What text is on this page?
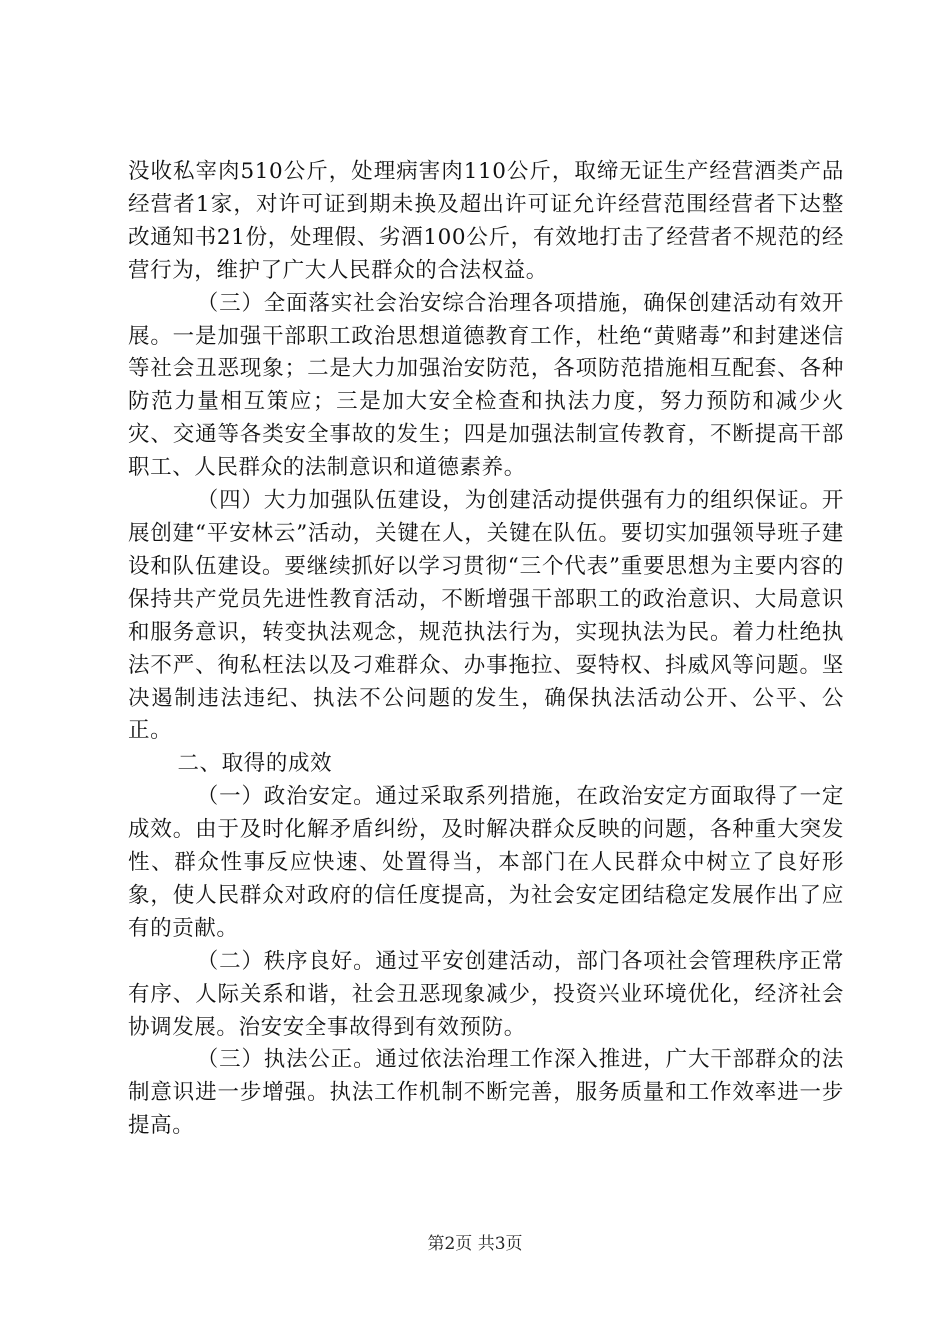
没收私宰肉510公斤，处理病害肉110公斤，取缔无证生产经营酒类产品经营者1家，对许可证到期未换及超出许可证允许经营范围经营者下达整改通知书21份，处理假、劣酒100公斤，有效地打击了经营者不规范的经营行为，维护了广大人民群众的合法权益。

（三）全面落实社会治安综合治理各项措施，确保创建活动有效开展。一是加强干部职工政治思想道德教育工作，杜绝“黄赌毒”和封建迷信等社会丑恶现象；二是大力加强治安防范，各项防范措施相互配套、各种防范力量相互策应；三是加大安全检查和执法力度，努力预防和减少火灾、交通等各类安全事故的发生；四是加强法制宣传教育，不断提高干部职工、人民群众的法制意识和道德素养。

（四）大力加强队伍建设，为创建活动提供强有力的组织保证。开展创建“平安林云”活动，关键在人，关键在队伍。要切实加强领导班子建设和队伍建设。要继续抓好以学习贯彻“三个代表”重要思想为主要内容的保持共产党员先进性教育活动，不断增强干部职工的政治意识、大局意识和服务意识，转变执法观念，规范执法行为，实现执法为民。着力杜绝执法不严、徇私枉法以及刁难群众、办事拖拉、耍特权、抖威风等问题。坚决遏制违法违纪、执法不公问题的发生，确保执法活动公开、公平、公正。

二、取得的成效

（一）政治安定。通过采取系列措施，在政治安定方面取得了一定成效。由于及时化解矛盾纠纷，及时解决群众反映的问题，各种重大突发性、群众性事反应快速、处置得当，本部门在人民群众中树立了良好形象，使人民群众对政府的信任度提高，为社会安定团结稳定发展作出了应有的贡献。

（二）秩序良好。通过平安创建活动，部门各项社会管理秩序正常有序、人际关系和谐，社会丑恶现象减少，投资兴业环境优化，经济社会协调发展。治安安全事故得到有效预防。

（三）执法公正。通过依法治理工作深入推进，广大干部群众的法制意识进一步增强。执法工作机制不断完善，服务质量和工作效率进一步提高。

第2页 共3页
